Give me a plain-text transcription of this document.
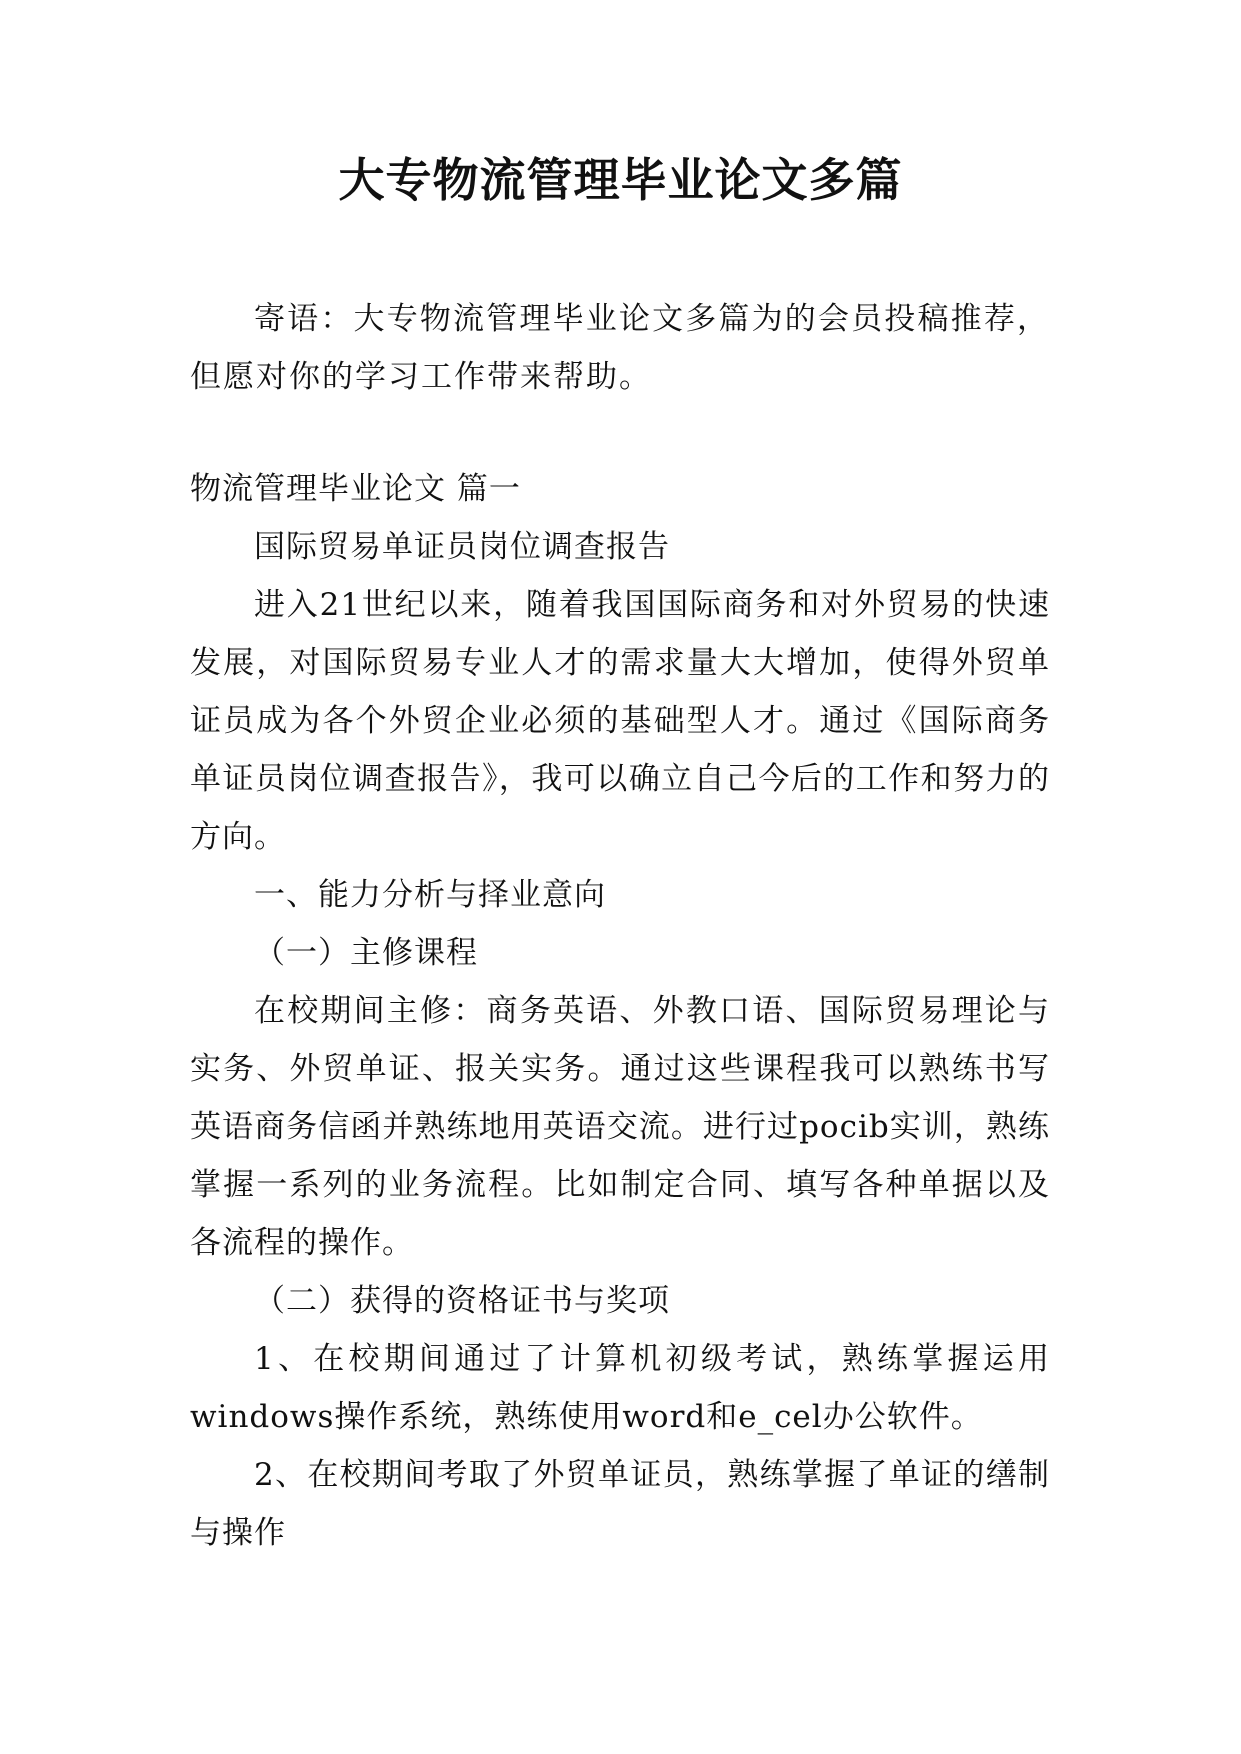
大专物流管理毕业论文多篇

寄语：大专物流管理毕业论文多篇为的会员投稿推荐，但愿对你的学习工作带来帮助。

物流管理毕业论文 篇一

国际贸易单证员岗位调查报告

进入21世纪以来，随着我国国际商务和对外贸易的快速发展，对国际贸易专业人才的需求量大大增加，使得外贸单证员成为各个外贸企业必须的基础型人才。通过《国际商务单证员岗位调查报告》，我可以确立自己今后的工作和努力的方向。

一、能力分析与择业意向

（一）主修课程

在校期间主修：商务英语、外教口语、国际贸易理论与实务、外贸单证、报关实务。通过这些课程我可以熟练书写英语商务信函并熟练地用英语交流。进行过pocib实训，熟练掌握一系列的业务流程。比如制定合同、填写各种单据以及各流程的操作。

（二）获得的资格证书与奖项

1、在校期间通过了计算机初级考试，熟练掌握运用windows操作系统，熟练使用word和e_cel办公软件。

2、在校期间考取了外贸单证员，熟练掌握了单证的缮制与操作
